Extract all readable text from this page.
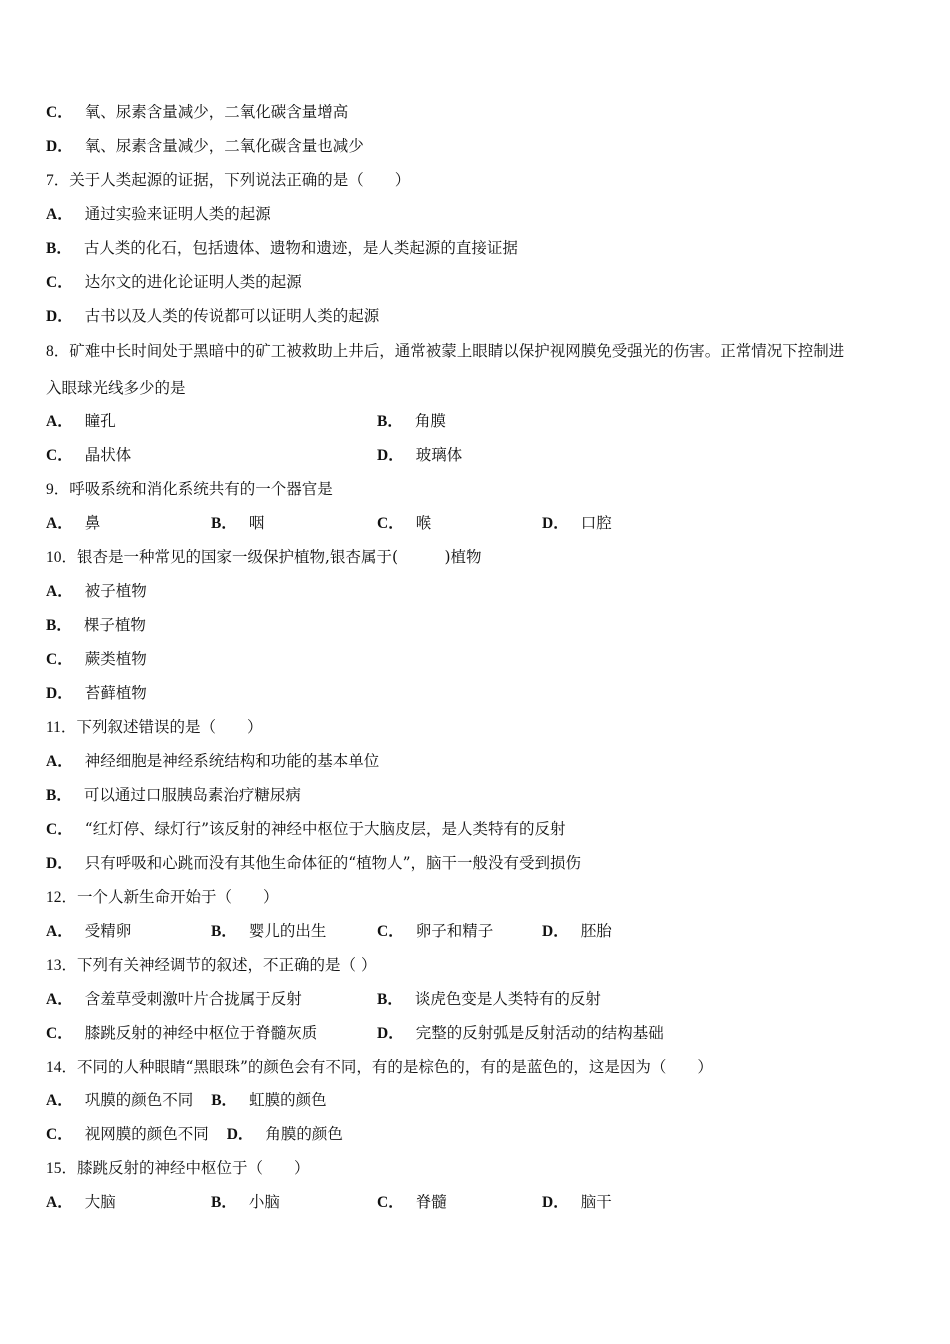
C． 氧、尿素含量减少，二氧化碳含量增高
D． 氧、尿素含量减少，二氧化碳含量也减少
7．关于人类起源的证据，下列说法正确的是（　　）
A． 通过实验来证明人类的起源
B． 古人类的化石，包括遗体、遗物和遗迹，是人类起源的直接证据
C． 达尔文的进化论证明人类的起源
D． 古书以及人类的传说都可以证明人类的起源
8．矿难中长时间处于黑暗中的矿工被救助上井后，通常被蒙上眼睛以保护视网膜免受强光的伤害。正常情况下控制进
入眼球光线多少的是
A． 瞳孔	B． 角膜
C． 晶状体	D． 玻璃体
9．呼吸系统和消化系统共有的一个器官是
A． 鼻	B． 咽	C． 喉	D． 口腔
10．银杏是一种常见的国家一级保护植物,银杏属于(　　　)植物
A． 被子植物
B． 棵子植物
C． 蕨类植物
D． 苔藓植物
11．下列叙述错误的是（　　）
A． 神经细胞是神经系统结构和功能的基本单位
B． 可以通过口服胰岛素治疗糖尿病
C． “红灯停、绿灯行”该反射的神经中枢位于大脑皮层，是人类特有的反射
D． 只有呼吸和心跳而没有其他生命体征的“植物人”，脑干一般没有受到损伤
12．一个人新生命开始于（　　）
A． 受精卵	B． 婴儿的出生	C． 卵子和精子	D． 胚胎
13．下列有关神经调节的叙述，不正确的是（ ）
A． 含羞草受刺激叶片合拢属于反射	B． 谈虎色变是人类特有的反射
C． 膝跳反射的神经中枢位于脊髓灰质	D． 完整的反射弧是反射活动的结构基础
14．不同的人种眼睛“黑眼珠”的颜色会有不同，有的是棕色的，有的是蓝色的，这是因为（　　）
A． 巩膜的颜色不同 B． 虹膜的颜色
C． 视网膜的颜色不同 D． 角膜的颜色
15．膝跳反射的神经中枢位于（　　）
A． 大脑	B． 小脑	C． 脊髓	D． 脑干
